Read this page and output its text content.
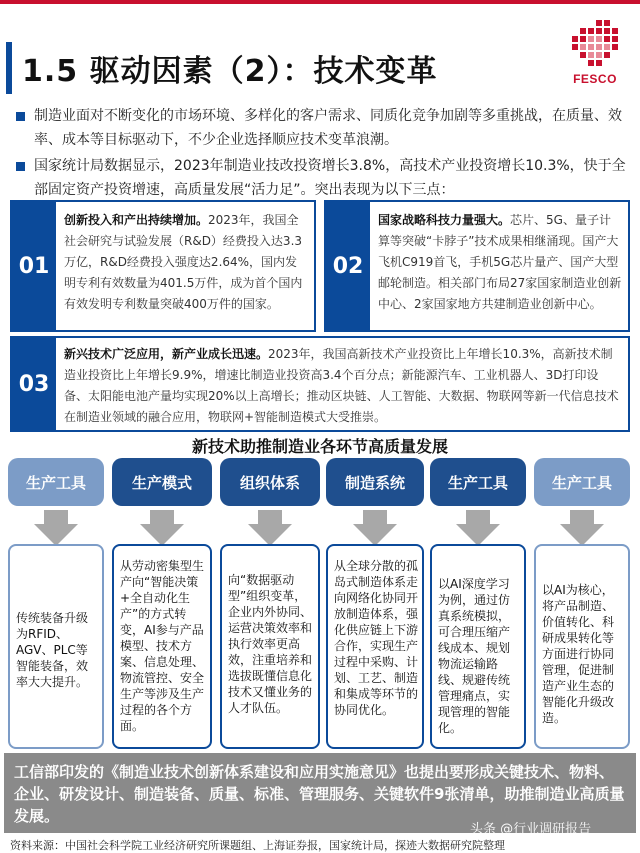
1.5 驱动因素（2）：技术变革	FESCO
制造业面对不断变化的市场环境、多样化的客户需求、同质化竞争加剧等多重挑战，在质量、效率、成本等目标驱动下，不少企业选择顺应技术变革浪潮。
国家统计局数据显示，2023年制造业技改投资增长3.8%，高技术产业投资增长10.3%，快于全部固定资产投资增速，高质量发展“活力足”。突出表现为以下三点：
01
创新投入和产出持续增加。2023年，我国全社会研究与试验发展（R&D）经费投入达3.3万亿，R&D经费投入强度达2.64%，国内发明专利有效数量为401.5万件，成为首个国内有效发明专利数量突破400万件的国家。
02
国家战略科技力量强大。芯片、5G、量子计算等突破“卡脖子”技术成果相继涌现。国产大飞机C919首飞，手机5G芯片量产、国产大型邮轮制造。相关部门布局27家国家制造业创新中心、2家国家地方共建制造业创新中心。
03
新兴技术广泛应用，新产业成长迅速。2023年，我国高新技术产业投资比上年增长10.3%，高新技术制造业投资比上年增长9.9%，增速比制造业投资高3.4个百分点；新能源汽车、工业机器人、3D打印设备、太阳能电池产量均实现20%以上高增长；推动区块链、人工智能、大数据、物联网等新一代信息技术在制造业领域的融合应用，物联网+智能制造模式大受推崇。
新技术助推制造业各环节高质量发展
生产工具	生产模式	组织体系	制造系统	生产工具	生产工具
传统装备升级为RFID、AGV、PLC等智能装备，效率大大提升。
从劳动密集型生产向“智能决策+全自动化生产”的方式转变，AI参与产品模型、技术方案、信息处理、物流管控、安全生产等涉及生产过程的各个方面。
向“数据驱动型”组织变革，企业内外协同、运营决策效率和执行效率更高效，注重培养和选拔既懂信息化技术又懂业务的人才队伍。
从全球分散的孤岛式制造体系走向网络化协同开放制造体系，强化供应链上下游合作，实现生产过程中采购、计划、工艺、制造和集成等环节的协同优化。
以AI深度学习为例，通过仿真系统模拟，可合理压缩产线成本、规划物流运输路线、规避传统管理痛点，实现管理的智能化。
以AI为核心，将产品制造、价值转化、科研成果转化等方面进行协同管理，促进制造产业生态的智能化升级改造。
工信部印发的《制造业技术创新体系建设和应用实施意见》也提出要形成关键技术、物料、企业、研发设计、制造装备、质量、标准、管理服务、关键软件9张清单，助推制造业高质量发展。
头条 @行业调研报告
资料来源：中国社会科学院工业经济研究所课题组、上海证券报，国家统计局，探迹大数据研究院整理
